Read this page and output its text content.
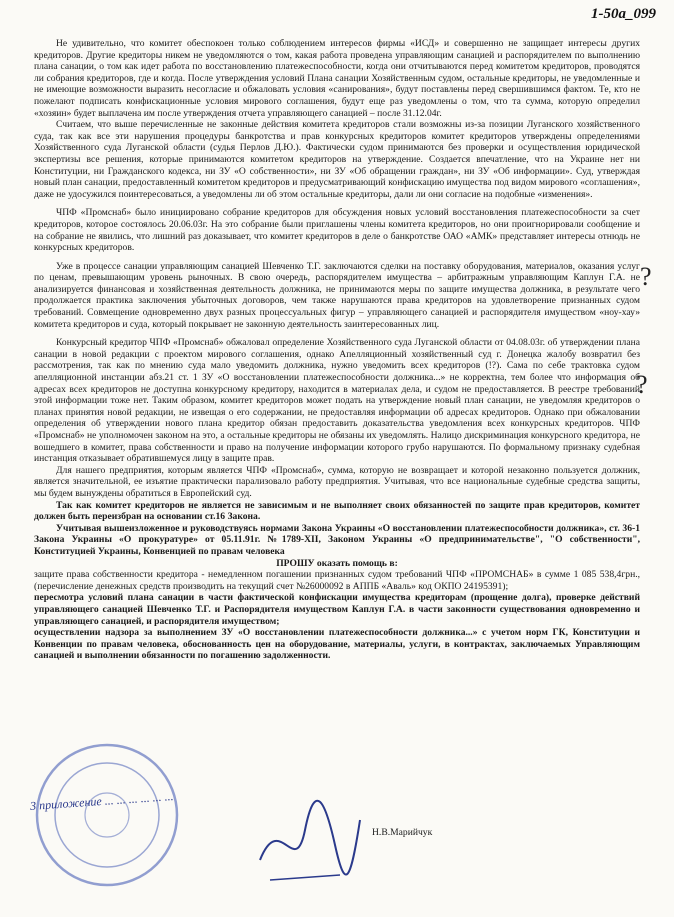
1-50a_099

Не удивительно, что комитет обеспокоен только соблюдением интересов фирмы «ИСД» и совершенно не защищает интересы других кредиторов. Другие кредиторы никем не уведомляются о том, какая работа проведена управляющим санацией и распорядителем по выполнению плана санации, о том как идет работа по восстановлению платежеспособности, когда они отчитываются перед комитетом кредиторов, проводятся ли собрания кредиторов, где и когда. После утверждения условий Плана санации Хозяйственным судом, остальные кредиторы, не уведомленные и не имеющие возможности выразить несогласие и обжаловать условия «санирования», будут поставлены перед свершившимся фактом. Те, кто не пожелают подписать конфискационные условия мирового соглашения, будут еще раз уведомлены о том, что та сумма, которую определил «хозяин» будет выплачена им после утверждения отчета управляющего санацией – после 31.12.04г.

Считаем, что выше перечисленные не законные действия комитета кредиторов стали возможны из-за позиции Луганского хозяйственного суда, так как все эти нарушения процедуры банкротства и прав конкурсных кредиторов комитет кредиторов утверждены определениями Хозяйственного суда Луганской области (судья Перлов Д.Ю.). Фактически судом принимаются без проверки и осуществления юридической экспертизы все решения, которые принимаются комитетом кредиторов на утверждение. Создается впечатление, что на Украине нет ни Конституции, ни Гражданского кодекса, ни ЗУ «О собственности», ни ЗУ «Об обращении граждан», ни ЗУ «Об информации». Суд, утверждая новый план санации, предоставленный комитетом кредиторов и предусматривающий конфискацию имущества под видом мирового «соглашения», даже не удосужился поинтересоваться, а уведомлены ли об этом остальные кредиторы, дали ли они согласие на подобные «изменения».

ЧПФ «Промснаб» было инициировано собрание кредиторов для обсуждения новых условий восстановления платежеспособности за счет кредиторов, которое состоялось 20.06.03г. На это собрание были приглашены члены комитета кредиторов, но они проигнорировали сообщение и на собрание не явились, что лишний раз доказывает, что комитет кредиторов в деле о банкротстве ОАО «АМК» представляет интересы отнюдь не конкурсных кредиторов.

Уже в процессе санации управляющим санацией Шевченко Т.Г. заключаются сделки на поставку оборудования, материалов, оказания услуг по ценам, превышающим уровень рыночных. В свою очередь, распорядителем имущества – арбитражным управляющим Каплун Г.А. не анализируется финансовая и хозяйственная деятельность должника, не принимаются меры по защите имущества должника, в результате чего продолжается практика заключения убыточных договоров, чем также нарушаются права кредиторов на удовлетворение признанных судом требований. Совмещение одновременно двух разных процессуальных фигур – управляющего санацией и распорядителя имуществом «ноу-хау» комитета кредиторов и суда, который покрывает не законную деятельность заинтересованных лиц.

Конкурсный кредитор ЧПФ «Промснаб» обжаловал определение Хозяйственного суда Луганской области от 04.08.03г. об утверждении плана санации в новой редакции с проектом мирового соглашения, однако Апелляционный хозяйственный суд г. Донецка жалобу возвратил без рассмотрения, так как по мнению суда мало уведомить должника, нужно уведомить всех кредиторов (!?). Сама по себе трактовка судом апелляционной инстанции абз.21 ст. 1 ЗУ «О восстановлении платежеспособности должника...» не корректна, тем более что информация об адресах всех кредиторов не доступна конкурсному кредитору, находится в материалах дела, и судом не предоставляется. В реестре требований этой информации тоже нет. Таким образом, комитет кредиторов может подать на утверждение новый план санации, не уведомляя кредиторов о планах принятия новой редакции, не извещая о его содержании, не предоставляя информации об адресах кредиторов. Однако при обжаловании определения об утверждении нового плана кредитор обязан предоставить доказательства уведомления всех конкурсных кредиторов. ЧПФ «Промснаб» не уполномочен законом на это, а остальные кредиторы не обязаны их уведомлять. Налицо дискриминация конкурсного кредитора, не вошедшего в комитет, права собственности и право на получение информации которого грубо нарушаются. По формальному признаку судебная инстанция отказывает обратившемуся лицу в защите прав.

Для нашего предприятия, которым является ЧПФ «Промснаб», сумма, которую не возвращает и которой незаконно пользуется должник, является значительной, ее изъятие практически парализовало работу предприятия. Учитывая, что все национальные судебные средства защиты, мы будем вынуждены обратиться в Европейский суд.

Так как комитет кредиторов не является не зависимым и не выполняет своих обязанностей по защите прав кредиторов, комитет должен быть переизбран на основании ст.16 Закона.

Учитывая вышеизложенное и руководствуясь нормами Закона Украины «О восстановлении платежеспособности должника», ст. 36-1 Закона Украины «О прокуратуре» от 05.11.91г. №1789-XII, Законом Украины «О предпринимательстве", "О собственности", Конституцией Украины, Конвенцией по правам человека

ПРОШУ оказать помощь в:

защите права собственности кредитора - немедленном погашении признанных судом требований ЧПФ «ПРОМСНАБ» в сумме 1 085 538,4грн., (перечисление денежных средств производить на текущий счет №26000092 в АППБ «Аваль» код ОКПО 24195391);

пересмотра условий плана санации в части фактической конфискации имущества кредиторам (прощение долга), проверке действий управляющего санацией Шевченко Т.Г. и Распорядителя имуществом Каплун Г.А. в части законности существования одновременно и управляющего санацией, и распорядителя имуществом;

осуществлении надзора за выполнением ЗУ «О восстановлении платежеспособности должника...» с учетом норм ГК, Конституции и Конвенции по правам человека, обоснованность цен на оборудование, материалы, услуги, в контрактах, заключаемых Управляющим санацией и выполнении обязанности по погашению задолженности.

?
?
3 приложение ... ... ... ... ... ...
Н.В.Марийчук
